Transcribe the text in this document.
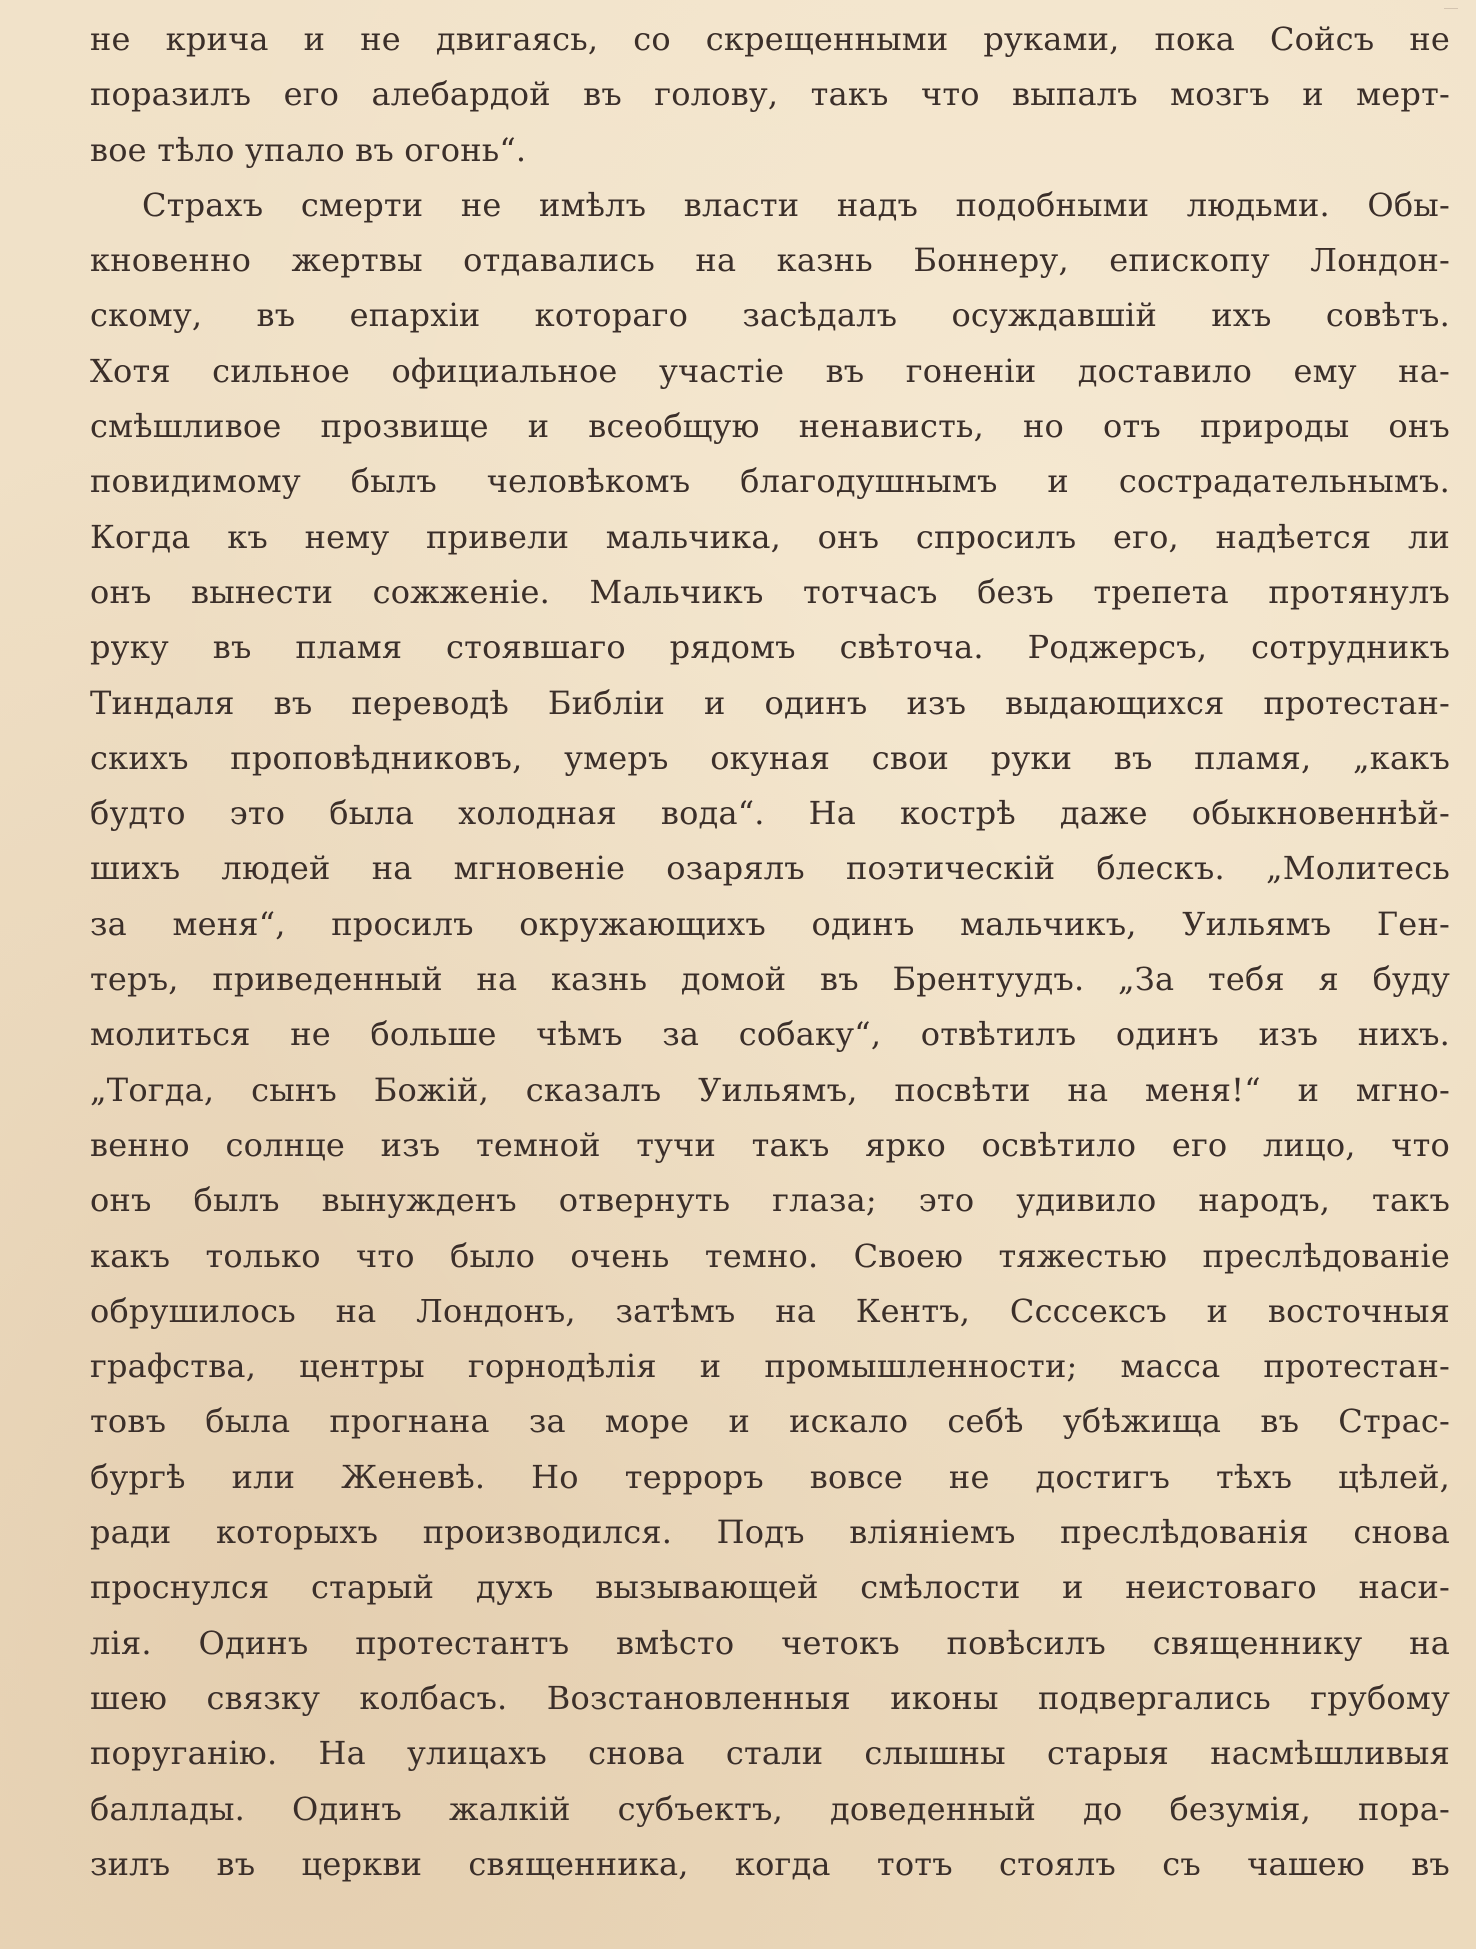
не крича и не двигаясь, со скрещенными руками, пока Сойсъ не
поразилъ его алебардой въ голову, такъ что выпалъ мозгъ и мерт-
вое тѣло упало въ огонь“.
Страхъ смерти не имѣлъ власти надъ подобными людьми. Обы-
кновенно жертвы отдавались на казнь Боннеру, епископу Лондон-
скому, въ епархіи котораго засѣдалъ осуждавшій ихъ совѣтъ.
Хотя сильное официальное участіе въ гоненіи доставило ему на-
смѣшливое прозвище и всеобщую ненависть, но отъ природы онъ
повидимому былъ человѣкомъ благодушнымъ и сострадательнымъ.
Когда къ нему привели мальчика, онъ спросилъ его, надѣется ли
онъ вынести сожженіе. Мальчикъ тотчасъ безъ трепета протянулъ
руку въ пламя стоявшаго рядомъ свѣточа. Роджерсъ, сотрудникъ
Тиндаля въ переводѣ Библіи и одинъ изъ выдающихся протестан-
скихъ проповѣдниковъ, умеръ окуная свои руки въ пламя, „какъ
будто это была холодная вода“. На кострѣ даже обыкновеннѣй-
шихъ людей на мгновеніе озарялъ поэтическій блескъ. „Молитесь
за меня“, просилъ окружающихъ одинъ мальчикъ, Уильямъ Ген-
теръ, приведенный на казнь домой въ Брентуудъ. „За тебя я буду
молиться не больше чѣмъ за собаку“, отвѣтилъ одинъ изъ нихъ.
„Тогда, сынъ Божій, сказалъ Уильямъ, посвѣти на меня!“ и мгно-
венно солнце изъ темной тучи такъ ярко освѣтило его лицо, что
онъ былъ вынужденъ отвернуть глаза; это удивило народъ, такъ
какъ только что было очень темно. Своею тяжестью преслѣдованіе
обрушилось на Лондонъ, затѣмъ на Кентъ, Ссссексъ и восточныя
графства, центры горнодѣлія и промышленности; масса протестан-
товъ была прогнана за море и искало себѣ убѣжища въ Страс-
бургѣ или Женевѣ. Но терроръ вовсе не достигъ тѣхъ цѣлей,
ради которыхъ производился. Подъ вліяніемъ преслѣдованія снова
проснулся старый духъ вызывающей смѣлости и неистоваго наси-
лія. Одинъ протестантъ вмѣсто четокъ повѣсилъ священнику на
шею связку колбасъ. Возстановленныя иконы подвергались грубому
поруганію. На улицахъ снова стали слышны старыя насмѣшливыя
баллады. Одинъ жалкій субъектъ, доведенный до безумія, пора-
зилъ въ церкви священника, когда тотъ стоялъ съ чашею въ
